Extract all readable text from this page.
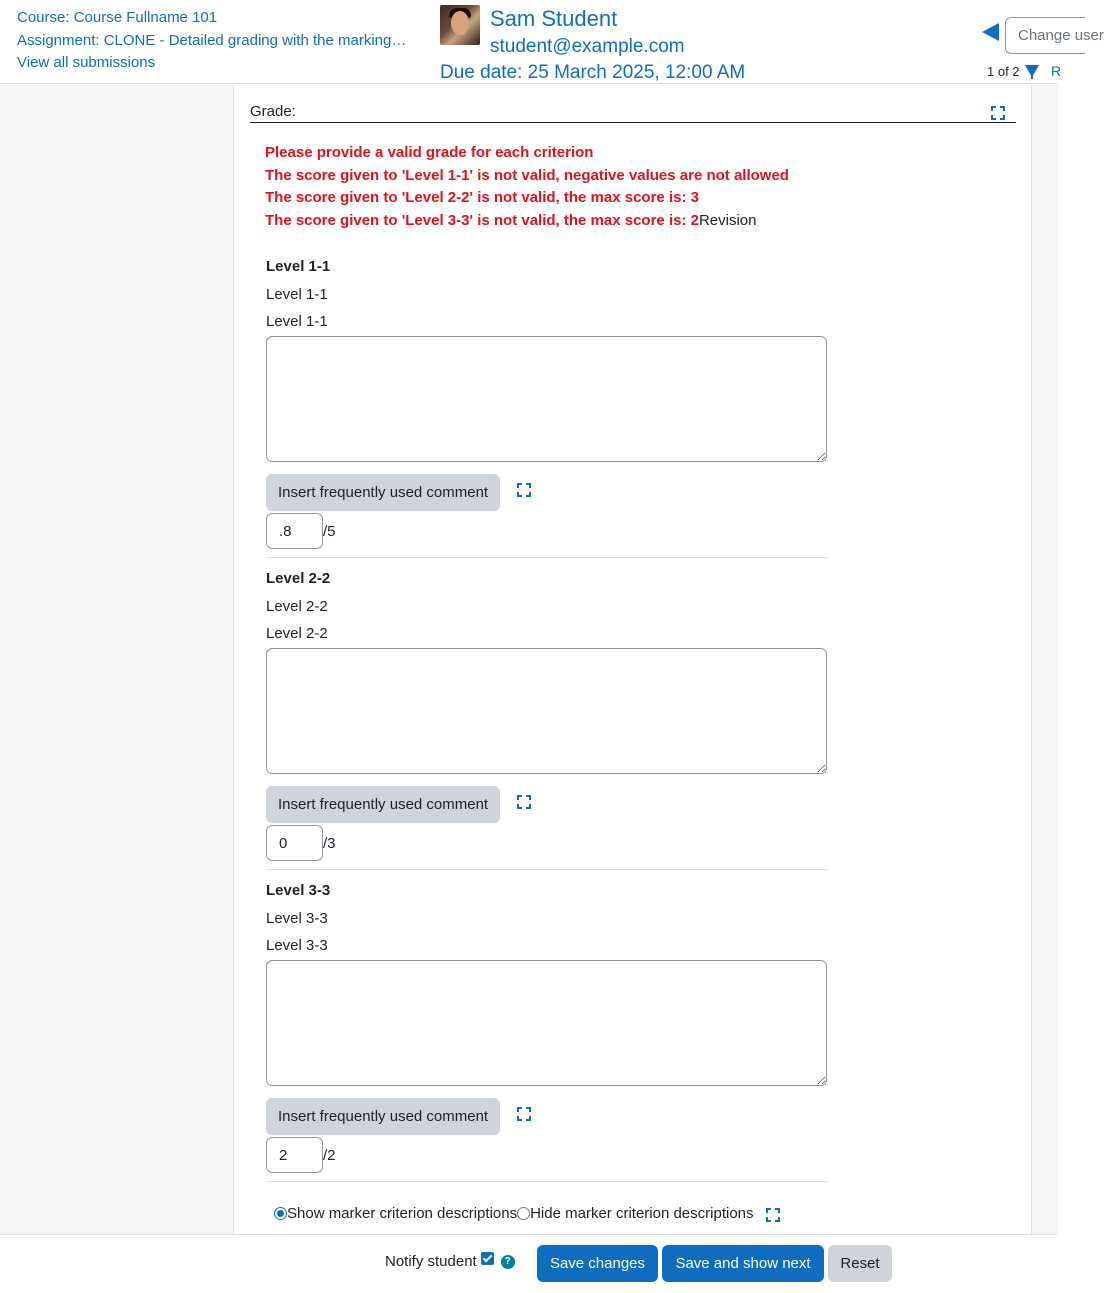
Course: Course Fullname 101
Assignment: CLONE - Detailed grading with the marking…
View all submissions
Sam Student
student@example.com
Due date: 25 March 2025, 12:00 AM
Change user
1 of 2 R
Grade:
Please provide a valid grade for each criterion
The score given to 'Level 1-1' is not valid, negative values are not allowed
The score given to 'Level 2-2' is not valid, the max score is: 3
The score given to 'Level 3-3' is not valid, the max score is: 2Revision
Level 1-1
Level 1-1
Level 1-1
Insert frequently used comment
.8
/5
Level 2-2
Level 2-2
Level 2-2
Insert frequently used comment
0
/3
Level 3-3
Level 3-3
Level 3-3
Insert frequently used comment
2
/2
Show marker criterion descriptions Hide marker criterion descriptions
Notify student	?	Save changes	Save and show next	Reset
